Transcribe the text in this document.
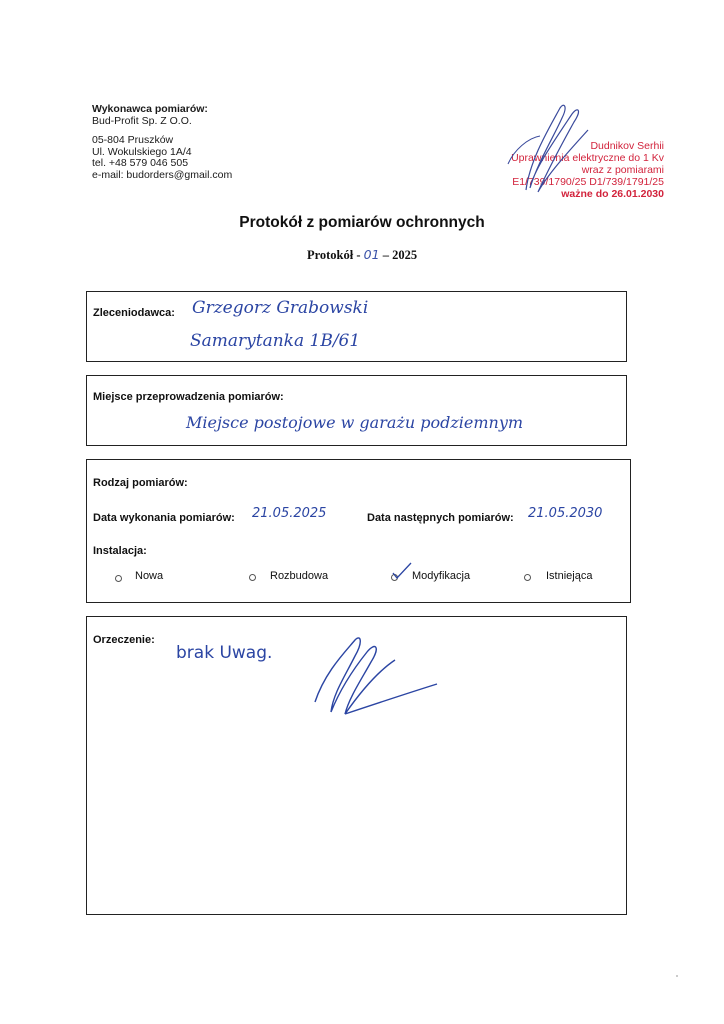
Wykonawca pomiarów:
Bud-Profit Sp. Z O.O.
05-804 Pruszków
Ul. Wokulskiego 1A/4
tel. +48 579 046 505
e-mail: budorders@gmail.com
Dudnikov Serhii
Uprawnienia elektryczne do 1 Kv
wraz z pomiarami
E1/739/1790/25 D1/739/1791/25
ważne do 26.01.2030
Protokół z pomiarów ochronnych
Protokół - 01 – 2025
Zleceniodawca: Grzegorz Grabowski
Samarytanka 1B/61
Miejsce przeprowadzenia pomiarów:
Miejsce postojowe w garażu podziemnym
Rodzaj pomiarów:
Data wykonania pomiarów: 21.05.2025	Data następnych pomiarów: 21.05.2030
Instalacja:
Nowa	Rozbudowa	Modyfikacja	Istniejąca
Orzeczenie:
brak Uwag.
